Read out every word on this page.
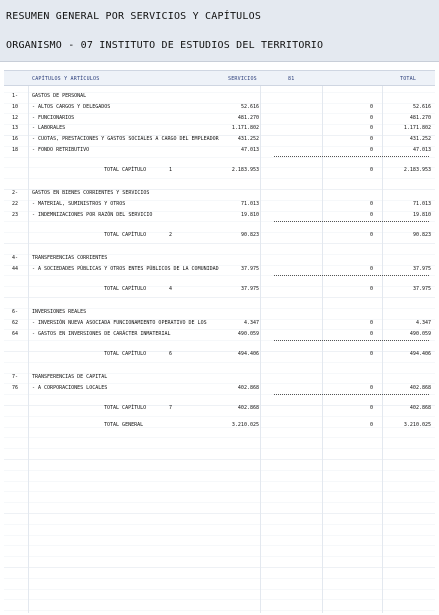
RESUMEN GENERAL POR SERVICIOS Y CAPÍTULOS
ORGANISMO - 07 INSTITUTO DE ESTUDIOS DEL TERRITORIO
CAPÍTULOS Y ARTÍCULOS	SERVICIOS	81	TOTAL
1-	GASTOS DE PERSONAL
10	- ALTOS CARGOS Y DELEGADOS	52.616	0	52.616
12	- FUNCIONARIOS	481.270	0	481.270
13	- LABORALES	1.171.802	0	1.171.802
16	- CUOTAS, PRESTACIONES Y GASTOS SOCIALES A CARGO DEL EMPLEADOR	431.252	0	431.252
18	- FONDO RETRIBUTIVO	47.013	0	47.013
TOTAL CAPÍTULO	1	2.183.953	0	2.183.953
2-	GASTOS EN BIENES CORRIENTES Y SERVICIOS
22	- MATERIAL, SUMINISTROS Y OTROS	71.013	0	71.013
23	- INDEMNIZACIONES POR RAZÓN DEL SERVICIO	19.810	0	19.810
TOTAL CAPÍTULO	2	90.823	0	90.823
4-	TRANSFERENCIAS CORRIENTES
44	- A SOCIEDADES PÚBLICAS Y OTROS ENTES PÚBLICOS DE LA COMUNIDAD	37.975	0	37.975
TOTAL CAPÍTULO	4	37.975	0	37.975
6-	INVERSIONES REALES
62	- INVERSIÓN NUEVA ASOCIADA FUNCIONAMIENTO OPERATIVO DE LOS	4.347	0	4.347
64	- GASTOS EN INVERSIONES DE CARÁCTER INMATERIAL	490.059	0	490.059
TOTAL CAPÍTULO	6	494.406	0	494.406
7-	TRANSFERENCIAS DE CAPITAL
76	- A CORPORACIONES LOCALES	402.868	0	402.868
TOTAL CAPÍTULO	7	402.868	0	402.868
TOTAL GENERAL	3.210.025	0	3.210.025
